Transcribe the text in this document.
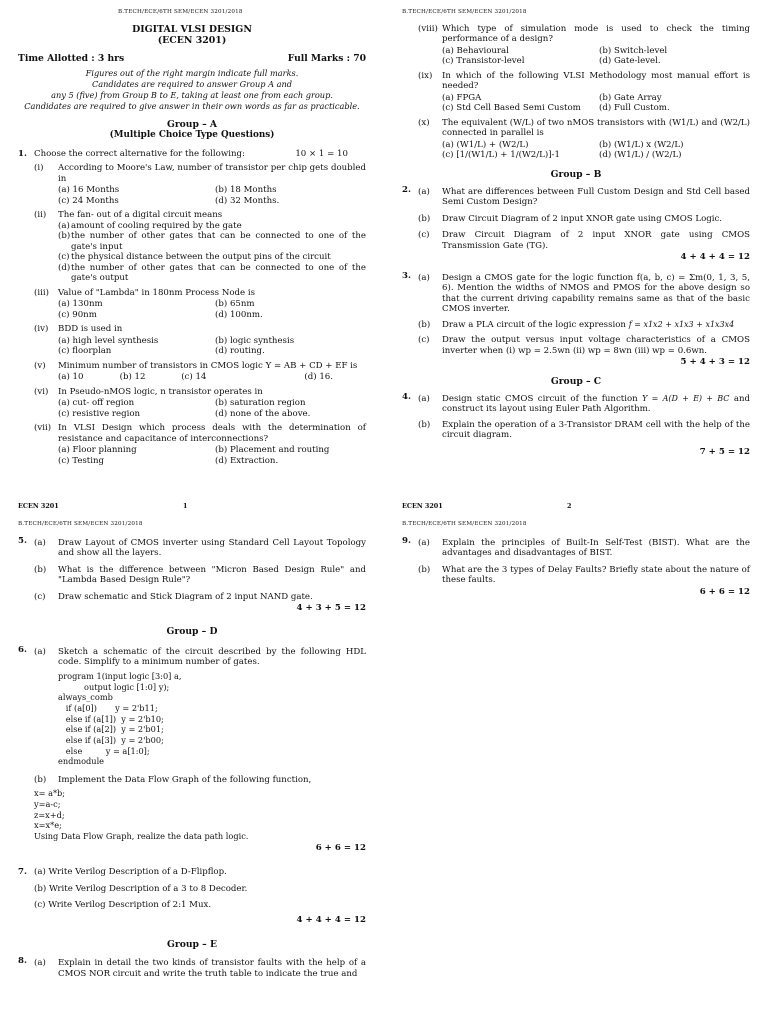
B.TECH/ECE/6TH SEM/ECEN 3201/2018
DIGITAL VLSI DESIGN
(ECEN 3201)
Time Allotted : 3 hrs	Full Marks : 70
Figures out of the right margin indicate full marks.
Candidates are required to answer Group A and
any 5 (five) from Group B to E, taking at least one from each group.
Candidates are required to give answer in their own words as far as practicable.
Group – A
(Multiple Choice Type Questions)
1. Choose the correct alternative for the following:	10 × 1 = 10
(i)	According to Moore's Law, number of transistor per chip gets doubled in
(a) 16 Months	(b) 18 Months
(c) 24 Months	(d) 32 Months.
(ii)	The fan- out of a digital circuit means
(a) amount of cooling required by the gate
(b) the number of other gates that can be connected to one of the gate's input
(c) the physical distance between the output pins of the circuit
(d) the number of other gates that can be connected to one of the gate's output
(iii)	Value of "Lambda" in 180nm Process Node is
(a) 130nm	(b) 65nm
(c) 90nm	(d) 100nm.
(iv)	BDD is used in
(a) high level synthesis	(b) logic synthesis
(c) floorplan	(d) routing.
(v)	Minimum number of transistors in CMOS logic Y = AB + CD + EF is
(a) 10	(b) 12	(c) 14	(d) 16.
(vi)	In Pseudo-nMOS logic, n transistor operates in
(a) cut- off region	(b) saturation region
(c) resistive region	(d) none of the above.
(vii) In VLSI Design which process deals with the determination of resistance and capacitance of interconnections?
(a) Floor planning	(b) Placement and routing
(c) Testing	(d) Extraction.
ECEN 3201	1
B.TECH/ECE/6TH SEM/ECEN 3201/2018
(viii) Which type of simulation mode is used to check the timing performance of a design?
(a) Behavioural	(b) Switch-level
(c) Transistor-level	(d) Gate-level.
(ix)	In which of the following VLSI Methodology most manual effort is needed?
(a) FPGA	(b) Gate Array
(c) Std Cell Based Semi Custom	(d) Full Custom.
(x)	The equivalent (W/L) of two nMOS transistors with (W1/L) and (W2/L) connected in parallel is
(a) (W1/L) + (W2/L)	(b) (W1/L) x (W2/L)
(c) [1/(W1/L) + 1/(W2/L)]-1	(d) (W1/L) / (W2/L)
Group – B
2. (a)	What are differences between Full Custom Design and Std Cell based Semi Custom Design?
(b)	Draw Circuit Diagram of 2 input XNOR gate using CMOS Logic.
(c)	Draw Circuit Diagram of 2 input XNOR gate using CMOS Transmission Gate (TG).
4 + 4 + 4 = 12
3. (a)	Design a CMOS gate for the logic function f(a, b, c) = Σm(0, 1, 3, 5, 6). Mention the widths of NMOS and PMOS for the above design so that the current driving capability remains same as that of the basic CMOS inverter.
(b)	Draw a PLA circuit of the logic expression f = x1x2 + x1x3 + x1x3x4
(c)	Draw the output versus input voltage characteristics of a CMOS inverter when (i) wp = 2.5wn (ii) wp = 8wn (iii) wp = 0.6wn.
5 + 4 + 3 = 12
Group – C
4. (a)	Design static CMOS circuit of the function Y = A(D + E) + BC and construct its layout using Euler Path Algorithm.
(b)	Explain the operation of a 3-Transistor DRAM cell with the help of the circuit diagram.
7 + 5 = 12
ECEN 3201	2
B.TECH/ECE/6TH SEM/ECEN 3201/2018
5. (a)	Draw Layout of CMOS inverter using Standard Cell Layout Topology and show all the layers.
(b)	What is the difference between "Micron Based Design Rule" and "Lambda Based Design Rule"?
(c)	Draw schematic and Stick Diagram of 2 input NAND gate.
4 + 3 + 5 = 12
Group – D
6. (a)	Sketch a schematic of the circuit described by the following HDL code. Simplify to a minimum number of gates.
program 1(input logic [3:0] a,
output logic [1:0] y);
always_comb
if (a[0])       y = 2'b11;
else if (a[1])  y = 2'b10;
else if (a[2])  y = 2'b01;
else if (a[3])  y = 2'b00;
else         y = a[1:0];
endmodule
(b)	Implement the Data Flow Graph of the following function,
x= a*b;
y=a-c;
z=x+d;
x=x*e;
Using Data Flow Graph, realize the data path logic.
6 + 6 = 12
7. (a) Write Verilog Description of a D-Flipflop.
(b) Write Verilog Description of a 3 to 8 Decoder.
(c) Write Verilog Description of 2:1 Mux.
4 + 4 + 4 = 12
Group – E
8. (a)	Explain in detail the two kinds of transistor faults with the help of a CMOS NOR circuit and write the truth table to indicate the true and
B.TECH/ECE/6TH SEM/ECEN 3201/2018
9. (a)	Explain the principles of Built-In Self-Test (BIST). What are the advantages and disadvantages of BIST.
(b)	What are the 3 types of Delay Faults? Briefly state about the nature of these faults.
6 + 6 = 12
